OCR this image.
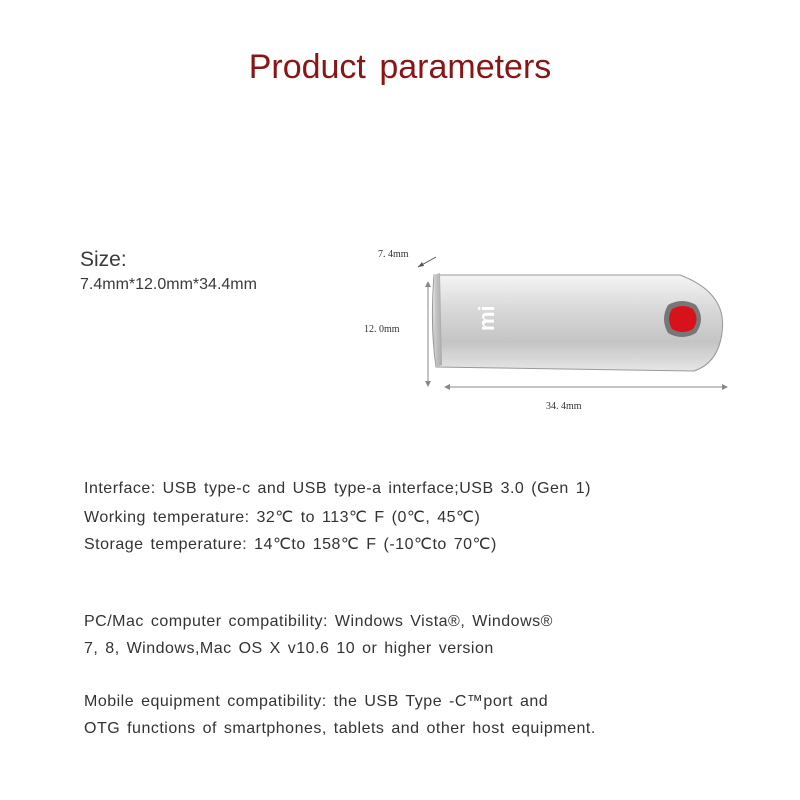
Product parameters
Size:
7.4mm*12.0mm*34.4mm
7. 4mm
12. 0mm	mi
34. 4mm
Interface: USB type-c and USB type-a interface;USB 3.0 (Gen 1)
Working temperature: 32℃ to 113℃ F (0℃, 45℃)
Storage temperature: 14℃to 158℃ F (-10℃to 70℃)
PC/Mac computer compatibility: Windows Vista®, Windows®
7, 8, Windows,Mac OS X v10.6 10 or higher version
Mobile equipment compatibility: the USB Type -C™port and
OTG functions of smartphones, tablets and other host equipment.
